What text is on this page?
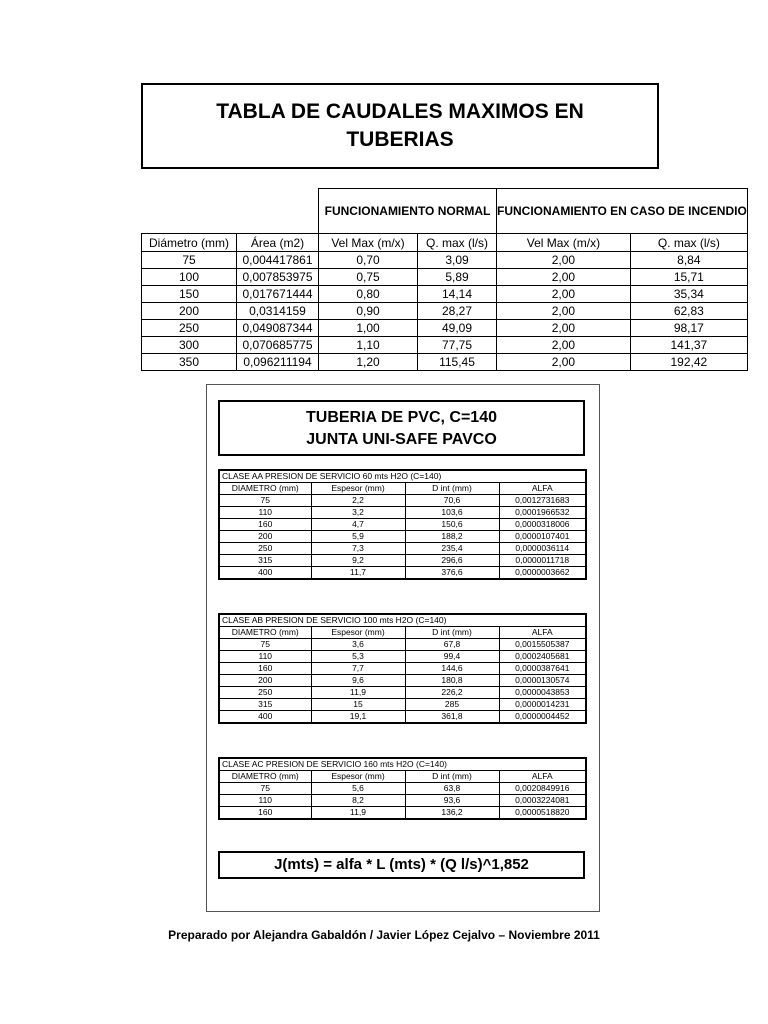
TABLA DE CAUDALES MAXIMOS EN TUBERIAS
		FUNCIONAMIENTO NORMAL		FUNCIONAMIENTO EN CASO DE INCENDIO	
Diámetro (mm)	Área (m2)	Vel Max (m/x)	Q. max (l/s)	Vel Max (m/x)	Q. max (l/s)
75	0,004417861	0,70	3,09	2,00	8,84
100	0,007853975	0,75	5,89	2,00	15,71
150	0,017671444	0,80	14,14	2,00	35,34
200	0,0314159	0,90	28,27	2,00	62,83
250	0,049087344	1,00	49,09	2,00	98,17
300	0,070685775	1,10	77,75	2,00	141,37
350	0,096211194	1,20	115,45	2,00	192,42
TUBERIA DE PVC, C=140
JUNTA UNI-SAFE PAVCO
CLASE AA PRESION DE SERVICIO 60 mts H2O (C=140)			
DIAMETRO (mm)	Espesor (mm)	D int (mm)	ALFA
75	2,2	70,6	0,0012731683
110	3,2	103,6	0,0001966532
160	4,7	150,6	0,0000318006
200	5,9	188,2	0,0000107401
250	7,3	235,4	0,0000036114
315	9,2	296,6	0,0000011718
400	11,7	376,6	0,0000003662
CLASE AB PRESION DE SERVICIO 100 mts H2O (C=140)			
DIAMETRO (mm)	Espesor (mm)	D int (mm)	ALFA
75	3,6	67,8	0,0015505387
110	5,3	99,4	0,0002405681
160	7,7	144,6	0,0000387641
200	9,6	180,8	0,0000130574
250	11,9	226,2	0,0000043853
315	15	285	0,0000014231
400	19,1	361,8	0,0000004452
CLASE AC PRESION DE SERVICIO 160 mts H2O (C=140)			
DIAMETRO (mm)	Espesor (mm)	D int (mm)	ALFA
75	5,6	63,8	0,0020849916
110	8,2	93,6	0,0003224081
160	11,9	136,2	0,0000518820
J(mts) = alfa * L (mts) * (Q l/s)^1,852
Preparado por Alejandra Gabaldón / Javier López Cejalvo – Noviembre 2011
